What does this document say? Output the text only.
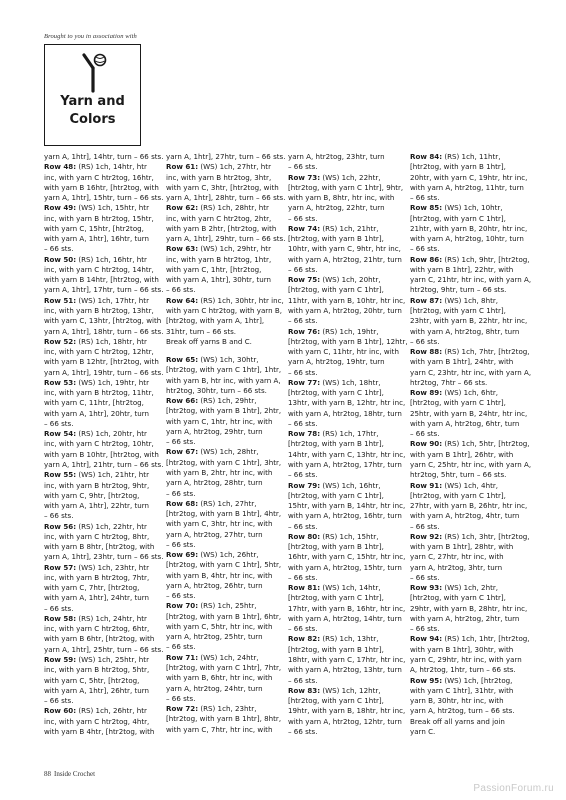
Brought to you in association with
Yarn and
Colors
yarn A, 1htr], 14htr, turn – 66 sts.
Row 48: (RS) 1ch, 14htr, htr
inc, with yarn C htr2tog, 16htr,
with yarn B 16htr, [htr2tog, with
yarn A, 1htr], 15htr, turn – 66 sts.
Row 49: (WS) 1ch, 15htr, htr
inc, with yarn B htr2tog, 15htr,
with yarn C, 15htr, [htr2tog,
with yarn A, 1htr], 16htr, turn
– 66 sts.
Row 50: (RS) 1ch, 16htr, htr
inc, with yarn C htr2tog, 14htr,
with yarn B 14htr, [htr2tog, with
yarn A, 1htr], 17htr, turn – 66 sts.
Row 51: (WS) 1ch, 17htr, htr
inc, with yarn B htr2tog, 13htr,
with yarn C, 13htr, [htr2tog, with
yarn A, 1htr], 18htr, turn – 66 sts.
Row 52: (RS) 1ch, 18htr, htr
inc, with yarn C htr2tog, 12htr,
with yarn B 12htr, [htr2tog, with
yarn A, 1htr], 19htr, turn – 66 sts.
Row 53: (WS) 1ch, 19htr, htr
inc, with yarn B htr2tog, 11htr,
with yarn C, 11htr, [htr2tog,
with yarn A, 1htr], 20htr, turn
– 66 sts.
Row 54: (RS) 1ch, 20htr, htr
inc, with yarn C htr2tog, 10htr,
with yarn B 10htr, [htr2tog, with
yarn A, 1htr], 21htr, turn – 66 sts.
Row 55: (WS) 1ch, 21htr, htr
inc, with yarn B htr2tog, 9htr,
with yarn C, 9htr, [htr2tog,
with yarn A, 1htr], 22htr, turn
– 66 sts.
Row 56: (RS) 1ch, 22htr, htr
inc, with yarn C htr2tog, 8htr,
with yarn B 8htr, [htr2tog, with
yarn A, 1htr], 23htr, turn – 66 sts.
Row 57: (WS) 1ch, 23htr, htr
inc, with yarn B htr2tog, 7htr,
with yarn C, 7htr, [htr2tog,
with yarn A, 1htr], 24htr, turn
– 66 sts.
Row 58: (RS) 1ch, 24htr, htr
inc, with yarn C htr2tog, 6htr,
with yarn B 6htr, [htr2tog, with
yarn A, 1htr], 25htr, turn – 66 sts.
Row 59: (WS) 1ch, 25htr, htr
inc, with yarn B htr2tog, 5htr,
with yarn C, 5htr, [htr2tog,
with yarn A, 1htr], 26htr, turn
– 66 sts.
Row 60: (RS) 1ch, 26htr, htr
inc, with yarn C htr2tog, 4htr,
with yarn B 4htr, [htr2tog, with
yarn A, 1htr], 27htr, turn – 66 sts.
Row 61: (WS) 1ch, 27htr, htr
inc, with yarn B htr2tog, 3htr,
with yarn C, 3htr, [htr2tog, with
yarn A, 1htr], 28htr, turn – 66 sts.
Row 62: (RS) 1ch, 28htr, htr
inc, with yarn C htr2tog, 2htr,
with yarn B 2htr, [htr2tog, with
yarn A, 1htr], 29htr, turn – 66 sts.
Row 63: (WS) 1ch, 29htr, htr
inc, with yarn B htr2tog, 1htr,
with yarn C, 1htr, [htr2tog,
with yarn A, 1htr], 30htr, turn
– 66 sts.
Row 64: (RS) 1ch, 30htr, htr inc,
with yarn C htr2tog, with yarn B,
[htr2tog, with yarn A, 1htr],
31htr, turn – 66 sts.
Break off yarns B and C.
Row 65: (WS) 1ch, 30htr,
[htr2tog, with yarn C 1htr], 1htr,
with yarn B, htr inc, with yarn A,
htr2tog, 30htr, turn – 66 sts.
Row 66: (RS) 1ch, 29htr,
[htr2tog, with yarn B 1htr], 2htr,
with yarn C, 1htr, htr inc, with
yarn A, htr2tog, 29htr, turn
– 66 sts.
Row 67: (WS) 1ch, 28htr,
[htr2tog, with yarn C 1htr], 3htr,
with yarn B, 2htr, htr inc, with
yarn A, htr2tog, 28htr, turn
– 66 sts.
Row 68: (RS) 1ch, 27htr,
[htr2tog, with yarn B 1htr], 4htr,
with yarn C, 3htr, htr inc, with
yarn A, htr2tog, 27htr, turn
– 66 sts.
Row 69: (WS) 1ch, 26htr,
[htr2tog, with yarn C 1htr], 5htr,
with yarn B, 4htr, htr inc, with
yarn A, htr2tog, 26htr, turn
– 66 sts.
Row 70: (RS) 1ch, 25htr,
[htr2tog, with yarn B 1htr], 6htr,
with yarn C, 5htr, htr inc, with
yarn A, htr2tog, 25htr, turn
– 66 sts.
Row 71: (WS) 1ch, 24htr,
[htr2tog, with yarn C 1htr], 7htr,
with yarn B, 6htr, htr inc, with
yarn A, htr2tog, 24htr, turn
– 66 sts.
Row 72: (RS) 1ch, 23htr,
[htr2tog, with yarn B 1htr], 8htr,
with yarn C, 7htr, htr inc, with
yarn A, htr2tog, 23htr, turn
– 66 sts.
Row 73: (WS) 1ch, 22htr,
[htr2tog, with yarn C 1htr], 9htr,
with yarn B, 8htr, htr inc, with
yarn A, htr2tog, 22htr, turn
– 66 sts.
Row 74: (RS) 1ch, 21htr,
[htr2tog, with yarn B 1htr],
10htr, with yarn C, 9htr, htr inc,
with yarn A, htr2tog, 21htr, turn
– 66 sts.
Row 75: (WS) 1ch, 20htr,
[htr2tog, with yarn C 1htr],
11htr, with yarn B, 10htr, htr inc,
with yarn A, htr2tog, 20htr, turn
– 66 sts.
Row 76: (RS) 1ch, 19htr,
[htr2tog, with yarn B 1htr], 12htr,
with yarn C, 11htr, htr inc, with
yarn A, htr2tog, 19htr, turn
– 66 sts.
Row 77: (WS) 1ch, 18htr,
[htr2tog, with yarn C 1htr],
13htr, with yarn B, 12htr, htr inc,
with yarn A, htr2tog, 18htr, turn
– 66 sts.
Row 78: (RS) 1ch, 17htr,
[htr2tog, with yarn B 1htr],
14htr, with yarn C, 13htr, htr inc,
with yarn A, htr2tog, 17htr, turn
– 66 sts.
Row 79: (WS) 1ch, 16htr,
[htr2tog, with yarn C 1htr],
15htr, with yarn B, 14htr, htr inc,
with yarn A, htr2tog, 16htr, turn
– 66 sts.
Row 80: (RS) 1ch, 15htr,
[htr2tog, with yarn B 1htr],
16htr, with yarn C, 15htr, htr inc,
with yarn A, htr2tog, 15htr, turn
– 66 sts.
Row 81: (WS) 1ch, 14htr,
[htr2tog, with yarn C 1htr],
17htr, with yarn B, 16htr, htr inc,
with yarn A, htr2tog, 14htr, turn
– 66 sts.
Row 82: (RS) 1ch, 13htr,
[htr2tog, with yarn B 1htr],
18htr, with yarn C, 17htr, htr inc,
with yarn A, htr2tog, 13htr, turn
– 66 sts.
Row 83: (WS) 1ch, 12htr,
[htr2tog, with yarn C 1htr],
19htr, with yarn B, 18htr, htr inc,
with yarn A, htr2tog, 12htr, turn
– 66 sts.
Row 84: (RS) 1ch, 11htr,
[htr2tog, with yarn B 1htr],
20htr, with yarn C, 19htr, htr inc,
with yarn A, htr2tog, 11htr, turn
– 66 sts.
Row 85: (WS) 1ch, 10htr,
[htr2tog, with yarn C 1htr],
21htr, with yarn B, 20htr, htr inc,
with yarn A, htr2tog, 10htr, turn
– 66 sts.
Row 86: (RS) 1ch, 9htr, [htr2tog,
with yarn B 1htr], 22htr, with
yarn C, 21htr, htr inc, with yarn A,
htr2tog, 9htr, turn – 66 sts.
Row 87: (WS) 1ch, 8htr,
[htr2tog, with yarn C 1htr],
23htr, with yarn B, 22htr, htr inc,
with yarn A, htr2tog, 8htr, turn
– 66 sts.
Row 88: (RS) 1ch, 7htr, [htr2tog,
with yarn B 1htr], 24htr, with
yarn C, 23htr, htr inc, with yarn A,
htr2tog, 7htr – 66 sts.
Row 89: (WS) 1ch, 6htr,
[htr2tog, with yarn C 1htr],
25htr, with yarn B, 24htr, htr inc,
with yarn A, htr2tog, 6htr, turn
– 66 sts.
Row 90: (RS) 1ch, 5htr, [htr2tog,
with yarn B 1htr], 26htr, with
yarn C, 25htr, htr inc, with yarn A,
htr2tog, 5htr, turn – 66 sts.
Row 91: (WS) 1ch, 4htr,
[htr2tog, with yarn C 1htr],
27htr, with yarn B, 26htr, htr inc,
with yarn A, htr2tog, 4htr, turn
– 66 sts.
Row 92: (RS) 1ch, 3htr, [htr2tog,
with yarn B 1htr], 28htr, with
yarn C, 27htr, htr inc, with
yarn A, htr2tog, 3htr, turn
– 66 sts.
Row 93: (WS) 1ch, 2htr,
[htr2tog, with yarn C 1htr],
29htr, with yarn B, 28htr, htr inc,
with yarn A, htr2tog, 2htr, turn
– 66 sts.
Row 94: (RS) 1ch, 1htr, [htr2tog,
with yarn B 1htr], 30htr, with
yarn C, 29htr, htr inc, with yarn
A, htr2tog, 1htr, turn – 66 sts.
Row 95: (WS) 1ch, [htr2tog,
with yarn C 1htr], 31htr, with
yarn B, 30htr, htr inc, with
yarn A, htr2tog, turn – 66 sts.
Break off all yarns and join
yarn C.
88 Inside Crochet
PassionForum.ru
